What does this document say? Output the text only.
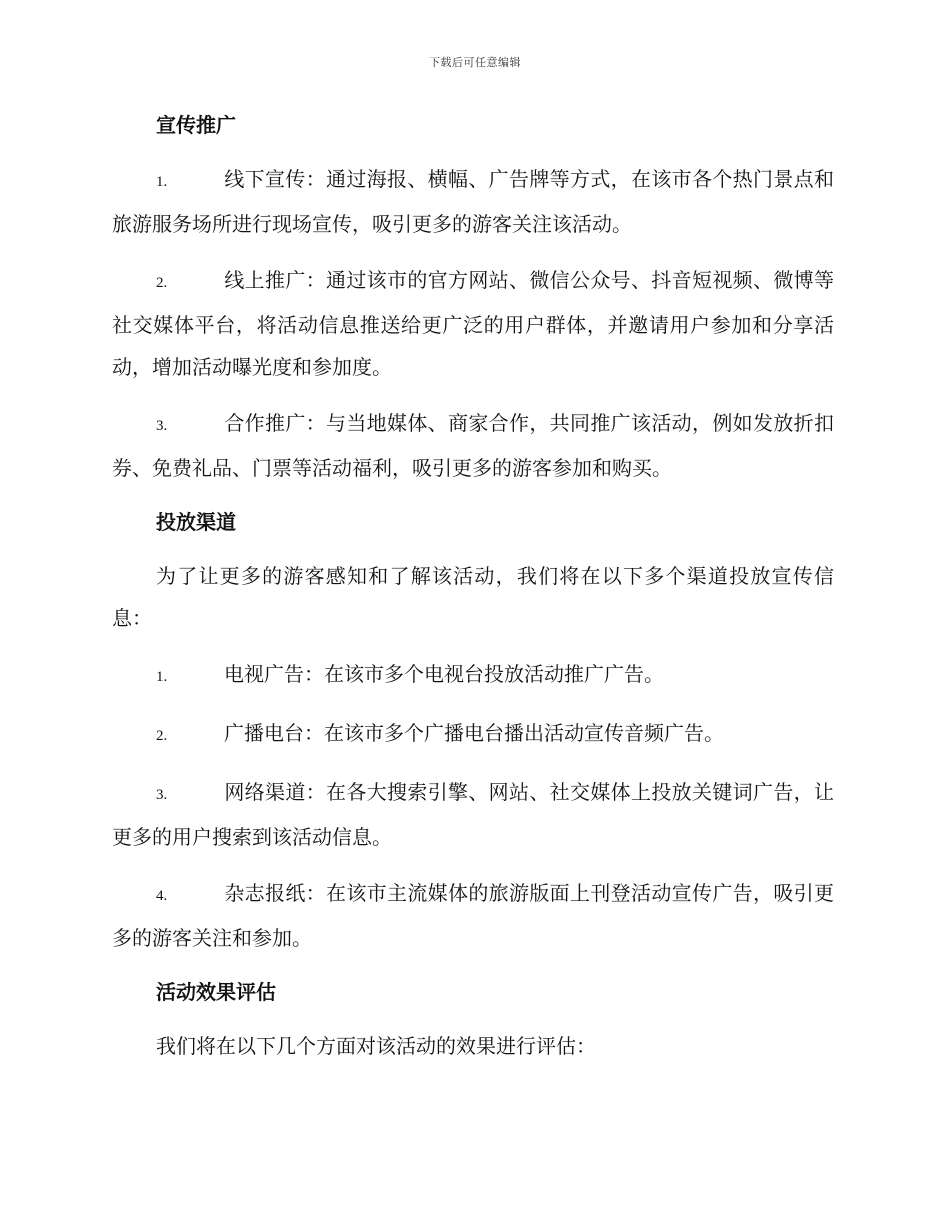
下载后可任意编辑

宣传推广

1.	线下宣传：通过海报、横幅、广告牌等方式，在该市各个热门景点和旅游服务场所进行现场宣传，吸引更多的游客关注该活动。

2.	线上推广：通过该市的官方网站、微信公众号、抖音短视频、微博等社交媒体平台，将活动信息推送给更广泛的用户群体，并邀请用户参加和分享活动，增加活动曝光度和参加度。

3.	合作推广：与当地媒体、商家合作，共同推广该活动，例如发放折扣券、免费礼品、门票等活动福利，吸引更多的游客参加和购买。

投放渠道

为了让更多的游客感知和了解该活动，我们将在以下多个渠道投放宣传信息：

1.	电视广告：在该市多个电视台投放活动推广广告。

2.	广播电台：在该市多个广播电台播出活动宣传音频广告。

3.	网络渠道：在各大搜索引擎、网站、社交媒体上投放关键词广告，让更多的用户搜索到该活动信息。

4.	杂志报纸：在该市主流媒体的旅游版面上刊登活动宣传广告，吸引更多的游客关注和参加。

活动效果评估

我们将在以下几个方面对该活动的效果进行评估：
